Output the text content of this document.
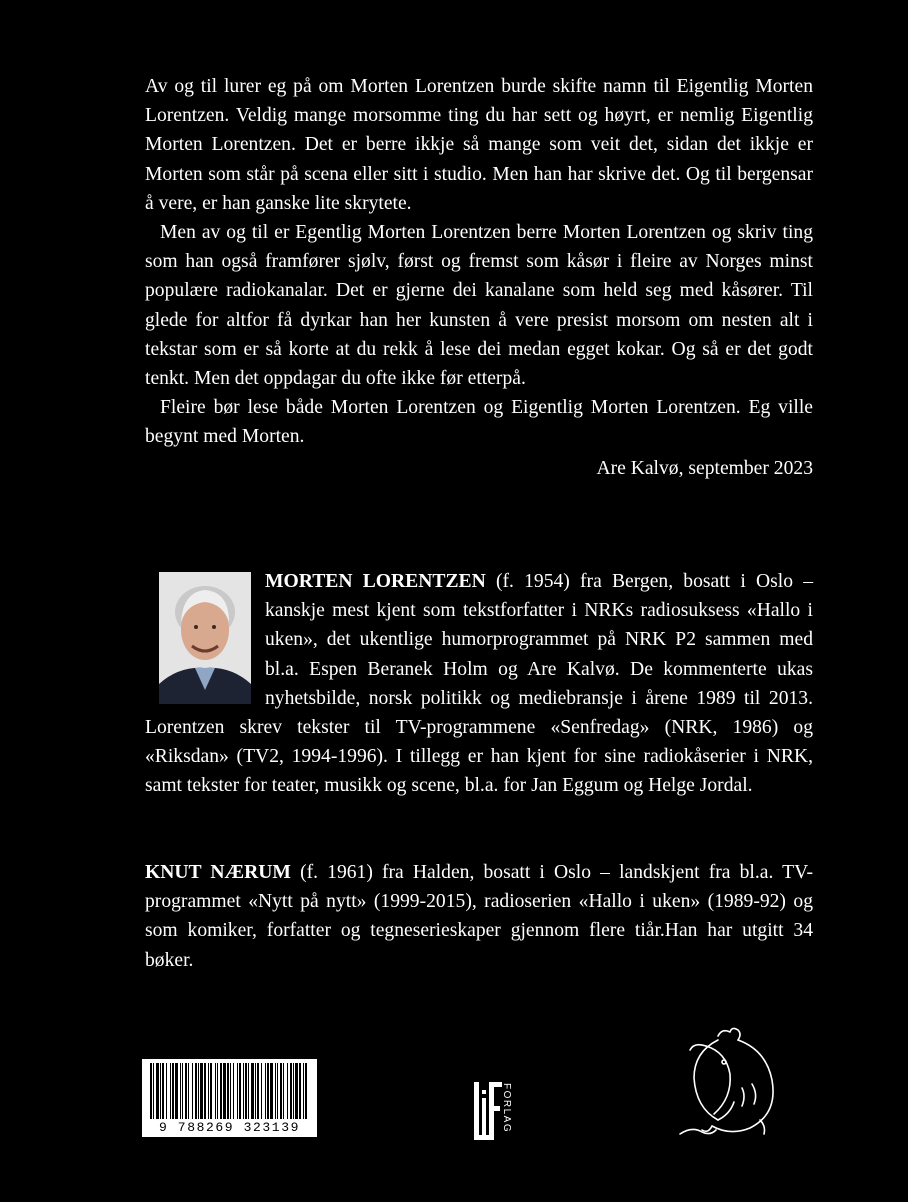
Av og til lurer eg på om Morten Lorentzen burde skifte namn til Eigentlig Morten Lorentzen. Veldig mange morsomme ting du har sett og høyrt, er nemlig Eigentlig Morten Lorentzen. Det er berre ikkje så mange som veit det, sidan det ikkje er Morten som står på scena eller sitt i studio. Men han har skrive det. Og til bergensar å vere, er han ganske lite skrytete.

Men av og til er Egentlig Morten Lorentzen berre Morten Lorentzen og skriv ting som han også framfører sjølv, først og fremst som kåsør i fleire av Norges minst populære radiokanalar. Det er gjerne dei kanalane som held seg med kåsører. Til glede for altfor få dyrkar han her kunsten å vere presist morsom om nesten alt i tekstar som er så korte at du rekk å lese dei medan egget kokar. Og så er det godt tenkt. Men det oppdagar du ofte ikke før etterpå.

Fleire bør lese både Morten Lorentzen og Eigentlig Morten Lorentzen. Eg ville begynt med Morten.

Are Kalvø, september 2023

MORTEN LORENTZEN (f. 1954) fra Bergen, bosatt i Oslo – kanskje mest kjent som tekstforfatter i NRKs radiosuksess «Hallo i uken», det ukentlige humorprogrammet på NRK P2 sammen med bl.a. Espen Beranek Holm og Are Kalvø. De kommenterte ukas nyhetsbilde, norsk politikk og mediebransje i årene 1989 til 2013. Lorentzen skrev tekster til TV-programmene «Senfredag» (NRK, 1986) og «Riksdan» (TV2, 1994-1996). I tillegg er han kjent for sine radiokåserier i NRK, samt tekster for teater, musikk og scene, bl.a. for Jan Eggum og Helge Jordal.

KNUT NÆRUM (f. 1961) fra Halden, bosatt i Oslo – landskjent fra bl.a. TV-programmet «Nytt på nytt» (1999-2015), radioserien «Hallo i uken» (1989-92) og som komiker, forfatter og tegneserieskaper gjennom flere tiår.Han har utgitt 34 bøker.

9 788269 323139	FORLAG
